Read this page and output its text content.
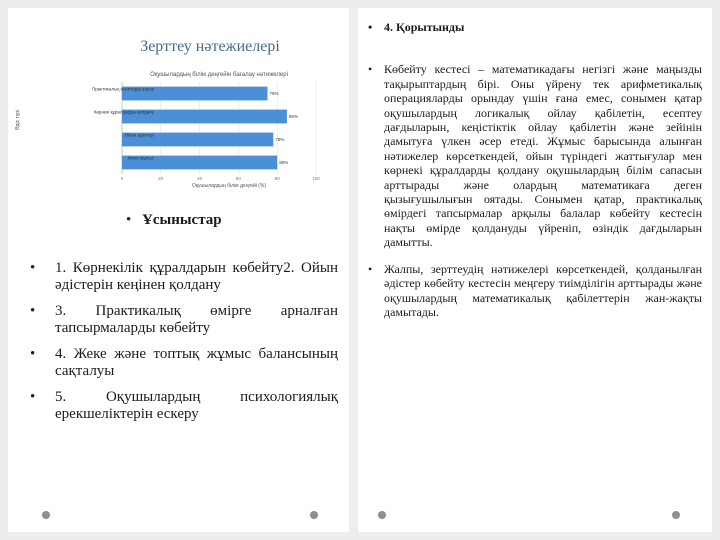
Зерттеу нәтежиелері
Оқушылардың білім деңгейін бағалау нәтижелері
Әдіс түрі
Оқушылардың білім деңгейі (%)
0	20	40	60	80	100
Практикалық есептерді шешу
75%
Көрнекі құралдарды қолдану
85%
Ойын әдістері
78%
Жеке жұмыс
80%
• Ұсыныстар
• 1. Көрнекілік құралдарын көбейту2. Ойын әдістерін кеңінен қолдану
• 3. Практикалық өмірге арналған тапсырмаларды көбейту
• 4. Жеке және топтық жұмыс балансының сақталуы
• 5. Оқушылардың психологиялық ерекшеліктерін ескеру
• 4. Қорытынды
• Көбейту кестесі – математикадағы негізгі және маңызды тақырыптардың бірі. Оны үйрену тек арифметикалық операцияларды орындау үшін ғана емес, сонымен қатар оқушылардың логикалық ойлау қабілетін, есептеу дағдыларын, кеңістіктік ойлау қабілетін және зейінін дамытуға үлкен әсер етеді. Жұмыс барысында алынған нәтижелер көрсеткендей, ойын түріндегі жаттығулар мен көрнекі құралдарды қолдану оқушылардың білім сапасын арттырады және олардың математикаға деген қызығушылығын оятады. Сонымен қатар, практикалық өмірдегі тапсырмалар арқылы балалар көбейту кестесін нақты өмірде қолдануды үйреніп, өзіндік дағдыларын дамытты.
• Жалпы, зерттеудің нәтижелері көрсеткендей, қолданылған әдістер көбейту кестесін меңгеру тиімділігін арттырады және оқушылардың математикалық қабілеттерін жан-жақты дамытады.
